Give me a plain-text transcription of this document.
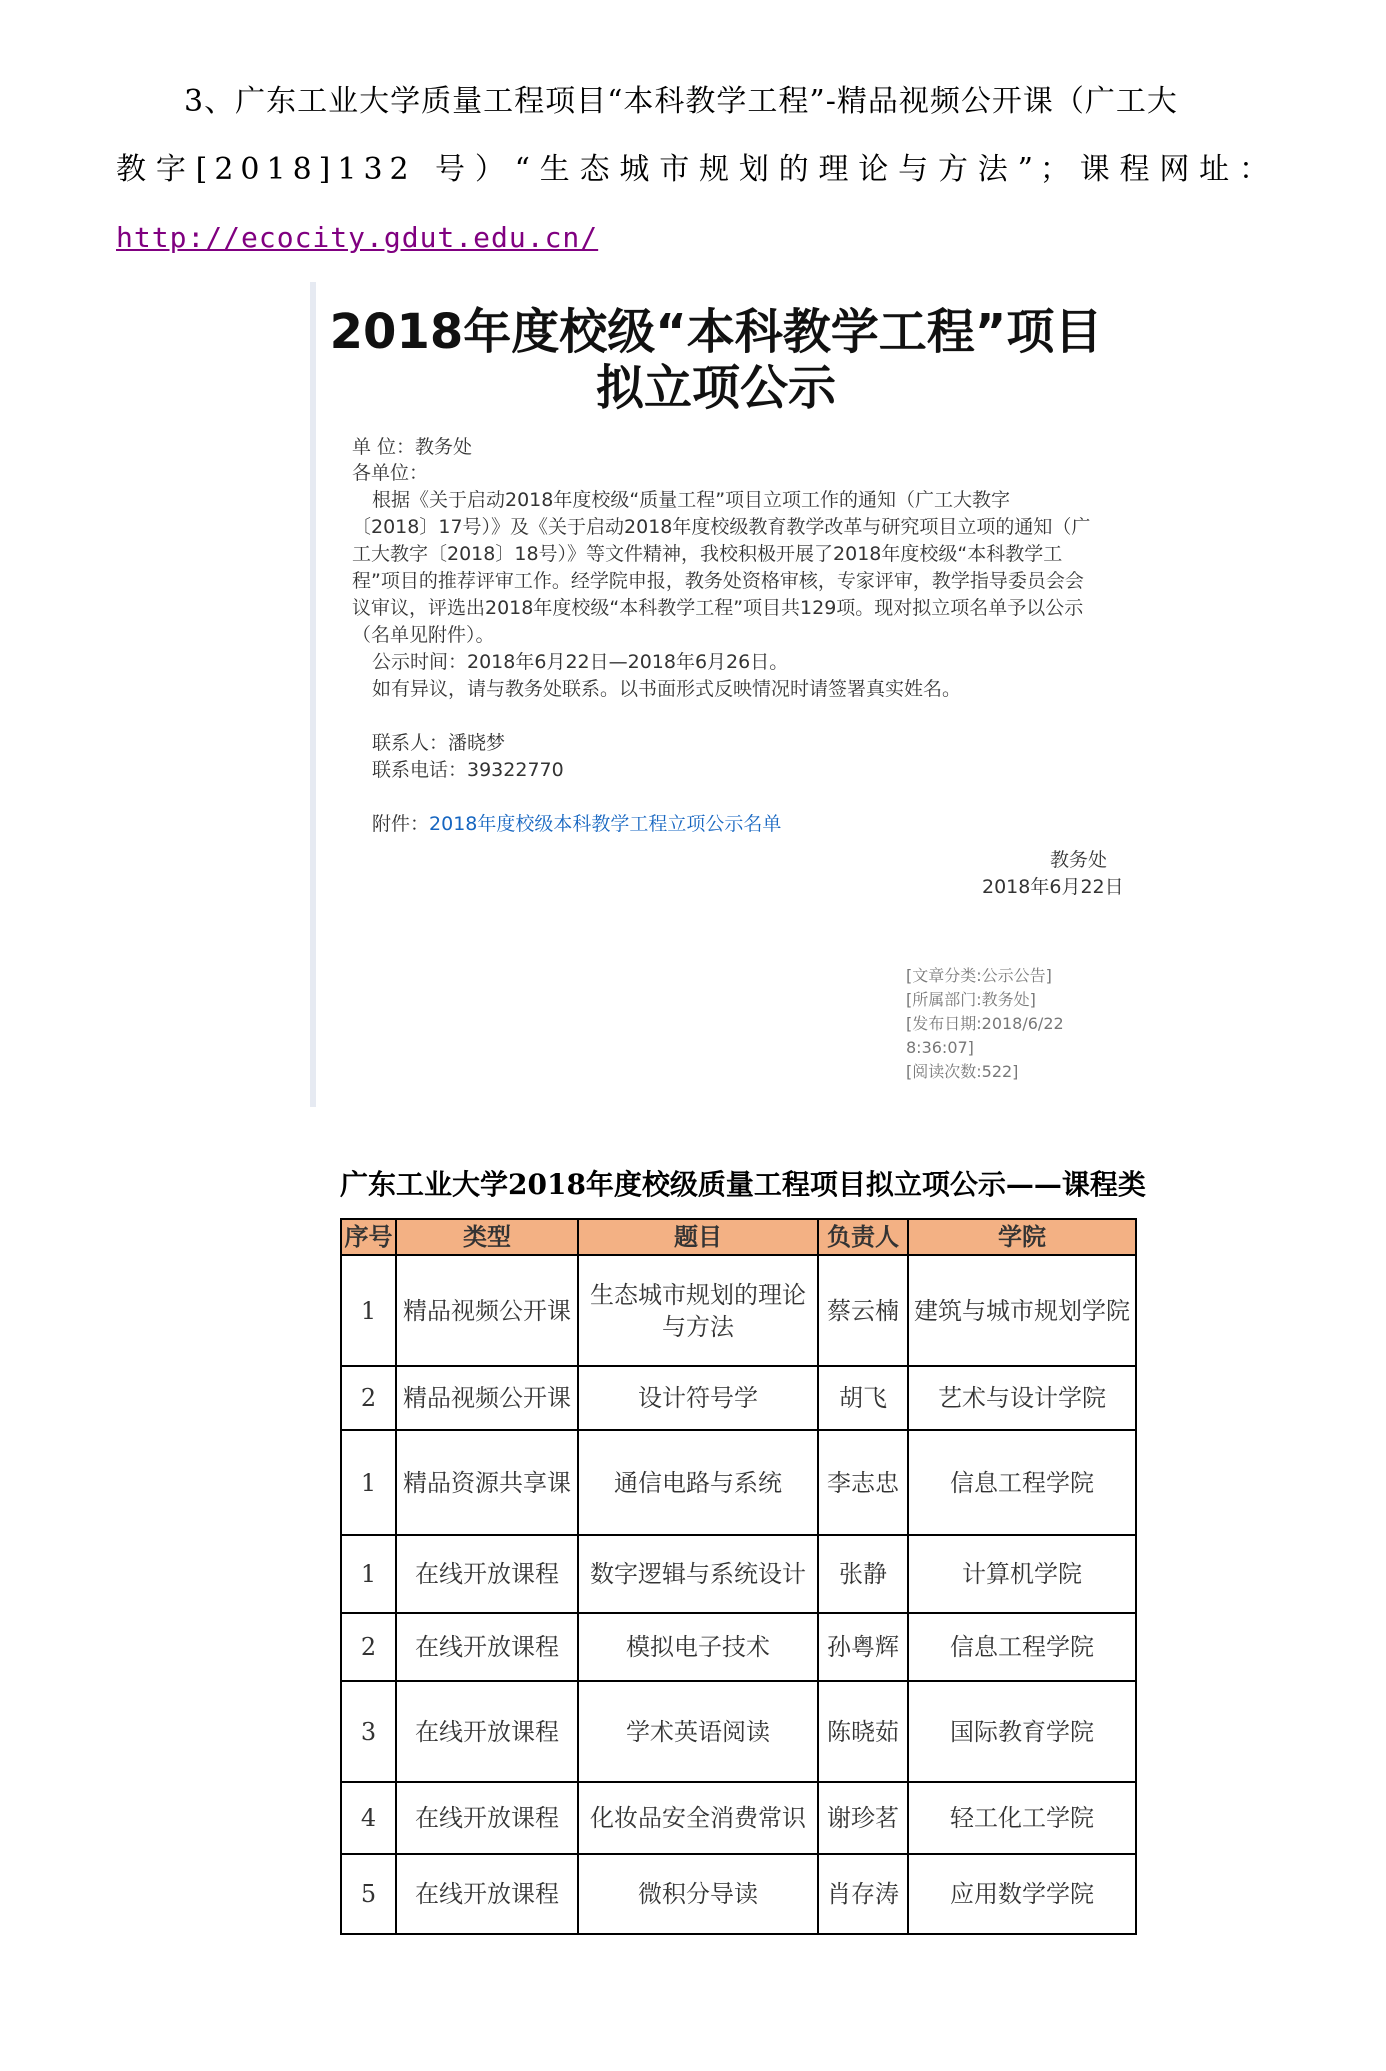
3、广东工业大学质量工程项目“本科教学工程”-精品视频公开课（广工大
教字[2018]132 号）“生态城市规划的理论与方法”；课程网址：
http://ecocity.gdut.edu.cn/
2018年度校级“本科教学工程”项目
拟立项公示
单 位：教务处
各单位：
根据《关于启动2018年度校级“质量工程”项目立项工作的通知（广工大教字
〔2018〕17号）》及《关于启动2018年度校级教育教学改革与研究项目立项的通知（广
工大教字〔2018〕18号）》等文件精神，我校积极开展了2018年度校级“本科教学工
程”项目的推荐评审工作。经学院申报，教务处资格审核，专家评审，教学指导委员会会
议审议，评选出2018年度校级“本科教学工程”项目共129项。现对拟立项名单予以公示
（名单见附件）。
公示时间：2018年6月22日—2018年6月26日。
如有异议，请与教务处联系。以书面形式反映情况时请签署真实姓名。
联系人：潘晓梦
联系电话：39322770
附件：2018年度校级本科教学工程立项公示名单
教务处
2018年6月22日
[文章分类:公示公告]
[所属部门:教务处]
[发布日期:2018/6/22
8:36:07]
[阅读次数:522]
广东工业大学2018年度校级质量工程项目拟立项公示——课程类
序号	类型	题目	负责人	学院
1	精品视频公开课	生态城市规划的理论与方法	蔡云楠	建筑与城市规划学院
2	精品视频公开课	设计符号学	胡飞	艺术与设计学院
1	精品资源共享课	通信电路与系统	李志忠	信息工程学院
1	在线开放课程	数字逻辑与系统设计	张静	计算机学院
2	在线开放课程	模拟电子技术	孙粤辉	信息工程学院
3	在线开放课程	学术英语阅读	陈晓茹	国际教育学院
4	在线开放课程	化妆品安全消费常识	谢珍茗	轻工化工学院
5	在线开放课程	微积分导读	肖存涛	应用数学学院
